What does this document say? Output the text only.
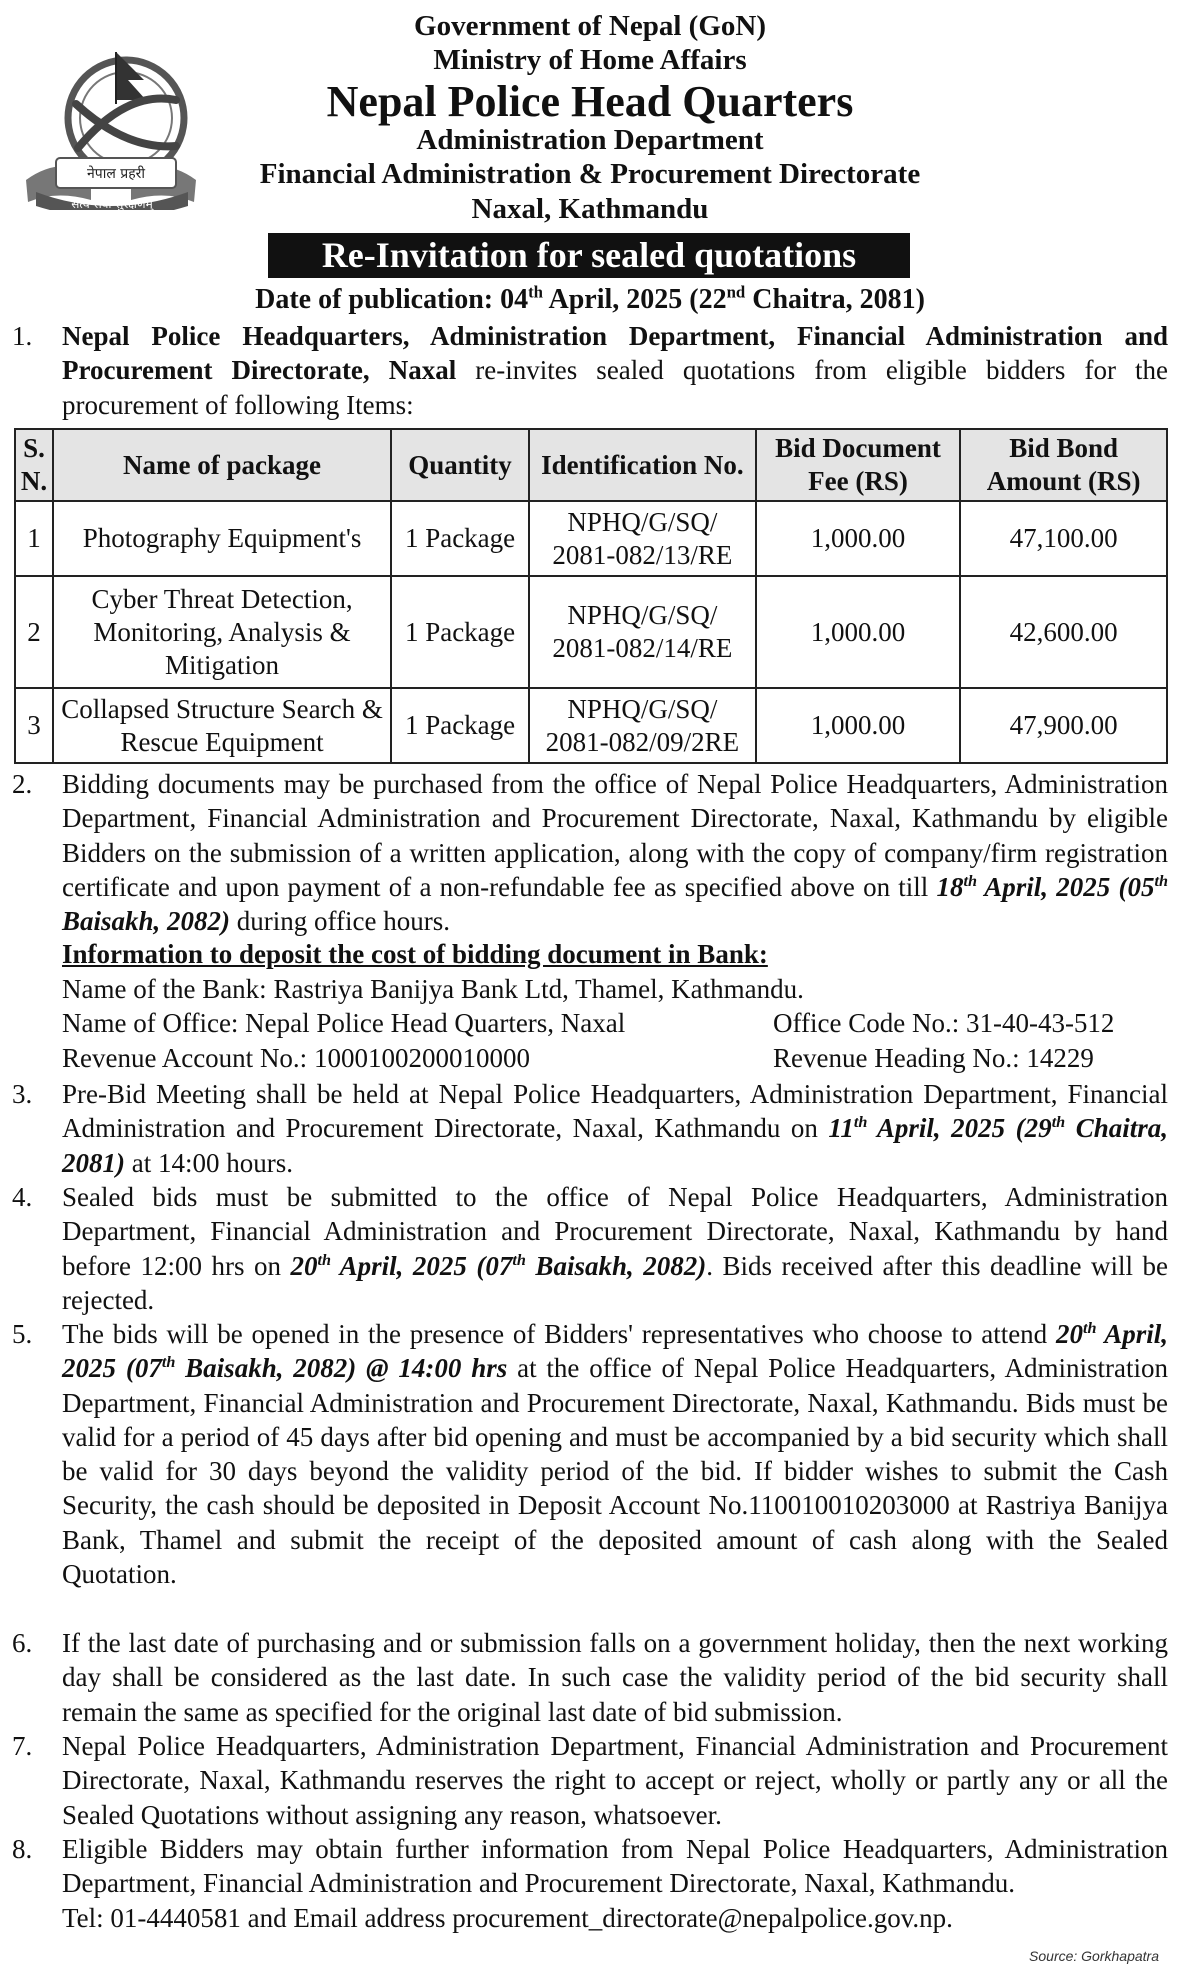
नेपाल प्रहरी
सत्य सेवा सुरक्षणम्
Government of Nepal (GoN)
Ministry of Home Affairs
Nepal Police Head Quarters
Administration Department
Financial Administration & Procurement Directorate
Naxal, Kathmandu
Re-Invitation for sealed quotations
Date of publication: 04th April, 2025 (22nd Chaitra, 2081)
1. Nepal Police Headquarters, Administration Department, Financial Administration and Procurement Directorate, Naxal re-invites sealed quotations from eligible bidders for the procurement of following Items:
S. N.	Name of package	Quantity	Identification No.	Bid Document Fee (RS)	Bid Bond Amount (RS)
1	Photography Equipment's	1 Package	NPHQ/G/SQ/ 2081-082/13/RE	1,000.00	47,100.00
2	Cyber Threat Detection, Monitoring, Analysis & Mitigation	1 Package	NPHQ/G/SQ/ 2081-082/14/RE	1,000.00	42,600.00
3	Collapsed Structure Search & Rescue Equipment	1 Package	NPHQ/G/SQ/ 2081-082/09/2RE	1,000.00	47,900.00
2. Bidding documents may be purchased from the office of Nepal Police Headquarters, Administration Department, Financial Administration and Procurement Directorate, Naxal, Kathmandu by eligible Bidders on the submission of a written application, along with the copy of company/firm registration certificate and upon payment of a non-refundable fee as specified above on till 18th April, 2025 (05th Baisakh, 2082) during office hours.
Information to deposit the cost of bidding document in Bank:
Name of the Bank: Rastriya Banijya Bank Ltd, Thamel, Kathmandu.
Name of Office: Nepal Police Head Quarters, Naxal	Office Code No.: 31-40-43-512
Revenue Account No.: 1000100200010000	Revenue Heading No.: 14229
3. Pre-Bid Meeting shall be held at Nepal Police Headquarters, Administration Department, Financial Administration and Procurement Directorate, Naxal, Kathmandu on 11th April, 2025 (29th Chaitra, 2081) at 14:00 hours.
4. Sealed bids must be submitted to the office of Nepal Police Headquarters, Administration Department, Financial Administration and Procurement Directorate, Naxal, Kathmandu by hand before 12:00 hrs on 20th April, 2025 (07th Baisakh, 2082). Bids received after this deadline will be rejected.
5. The bids will be opened in the presence of Bidders' representatives who choose to attend 20th April, 2025 (07th Baisakh, 2082) @ 14:00 hrs at the office of Nepal Police Headquarters, Administration Department, Financial Administration and Procurement Directorate, Naxal, Kathmandu. Bids must be valid for a period of 45 days after bid opening and must be accompanied by a bid security which shall be valid for 30 days beyond the validity period of the bid. If bidder wishes to submit the Cash Security, the cash should be deposited in Deposit Account No.110010010203000 at Rastriya Banijya Bank, Thamel and submit the receipt of the deposited amount of cash along with the Sealed Quotation.
6. If the last date of purchasing and or submission falls on a government holiday, then the next working day shall be considered as the last date. In such case the validity period of the bid security shall remain the same as specified for the original last date of bid submission.
7. Nepal Police Headquarters, Administration Department, Financial Administration and Procurement Directorate, Naxal, Kathmandu reserves the right to accept or reject, wholly or partly any or all the Sealed Quotations without assigning any reason, whatsoever.
8. Eligible Bidders may obtain further information from Nepal Police Headquarters, Administration Department, Financial Administration and Procurement Directorate, Naxal, Kathmandu.
Tel: 01-4440581 and Email address procurement_directorate@nepalpolice.gov.np.
Source: Gorkhapatra
